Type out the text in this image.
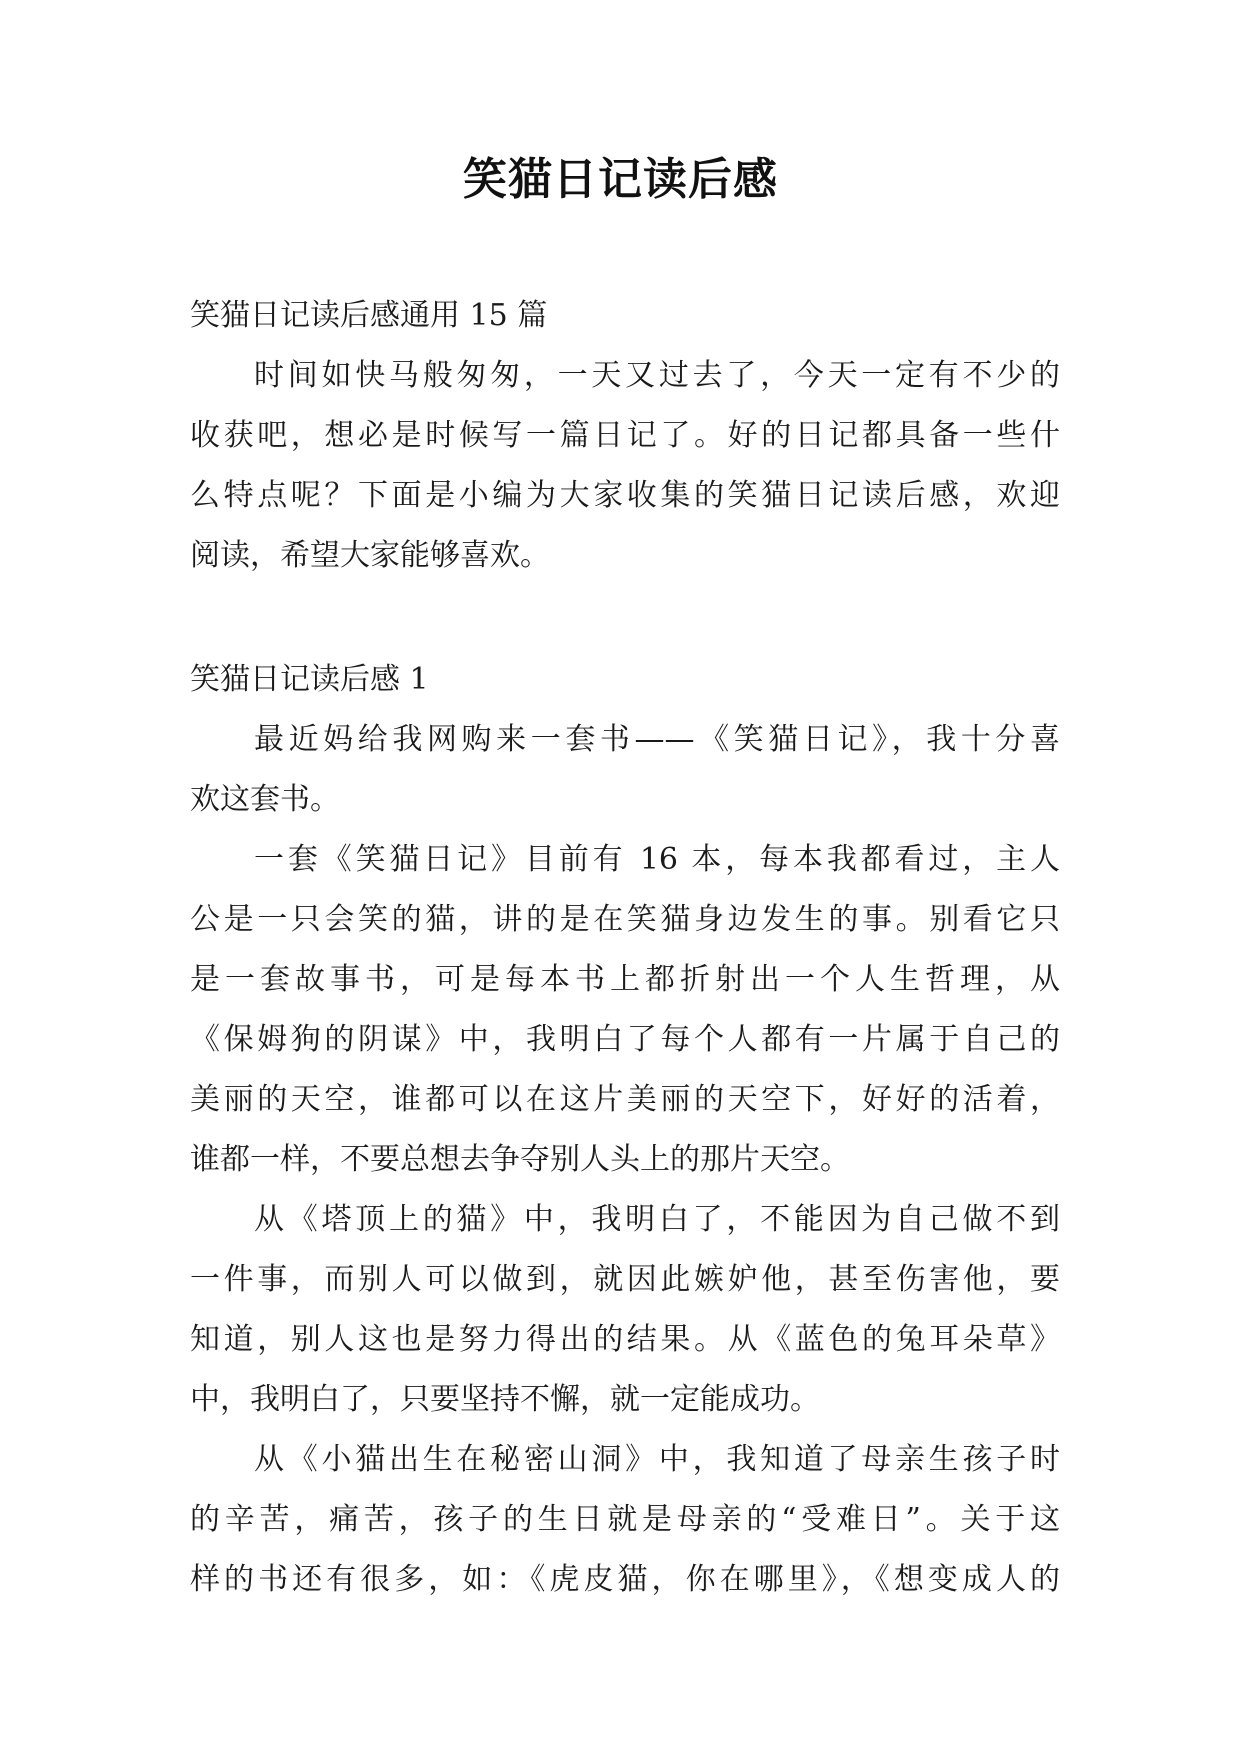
笑猫日记读后感
笑猫日记读后感通用 15 篇
时间如快马般匆匆，一天又过去了，今天一定有不少的
收获吧，想必是时候写一篇日记了。好的日记都具备一些什
么特点呢？下面是小编为大家收集的笑猫日记读后感，欢迎
阅读，希望大家能够喜欢。
笑猫日记读后感 1
最近妈给我网购来一套书——《笑猫日记》，我十分喜
欢这套书。
一套《笑猫日记》目前有 16 本，每本我都看过，主人
公是一只会笑的猫，讲的是在笑猫身边发生的事。别看它只
是一套故事书，可是每本书上都折射出一个人生哲理，从
《保姆狗的阴谋》中，我明白了每个人都有一片属于自己的
美丽的天空，谁都可以在这片美丽的天空下，好好的活着，
谁都一样，不要总想去争夺别人头上的那片天空。
从《塔顶上的猫》中，我明白了，不能因为自己做不到
一件事，而别人可以做到，就因此嫉妒他，甚至伤害他，要
知道，别人这也是努力得出的结果。从《蓝色的兔耳朵草》
中，我明白了，只要坚持不懈，就一定能成功。
从《小猫出生在秘密山洞》中，我知道了母亲生孩子时
的辛苦，痛苦，孩子的生日就是母亲的“受难日”。关于这
样的书还有很多，如：《虎皮猫，你在哪里》，《想变成人的
